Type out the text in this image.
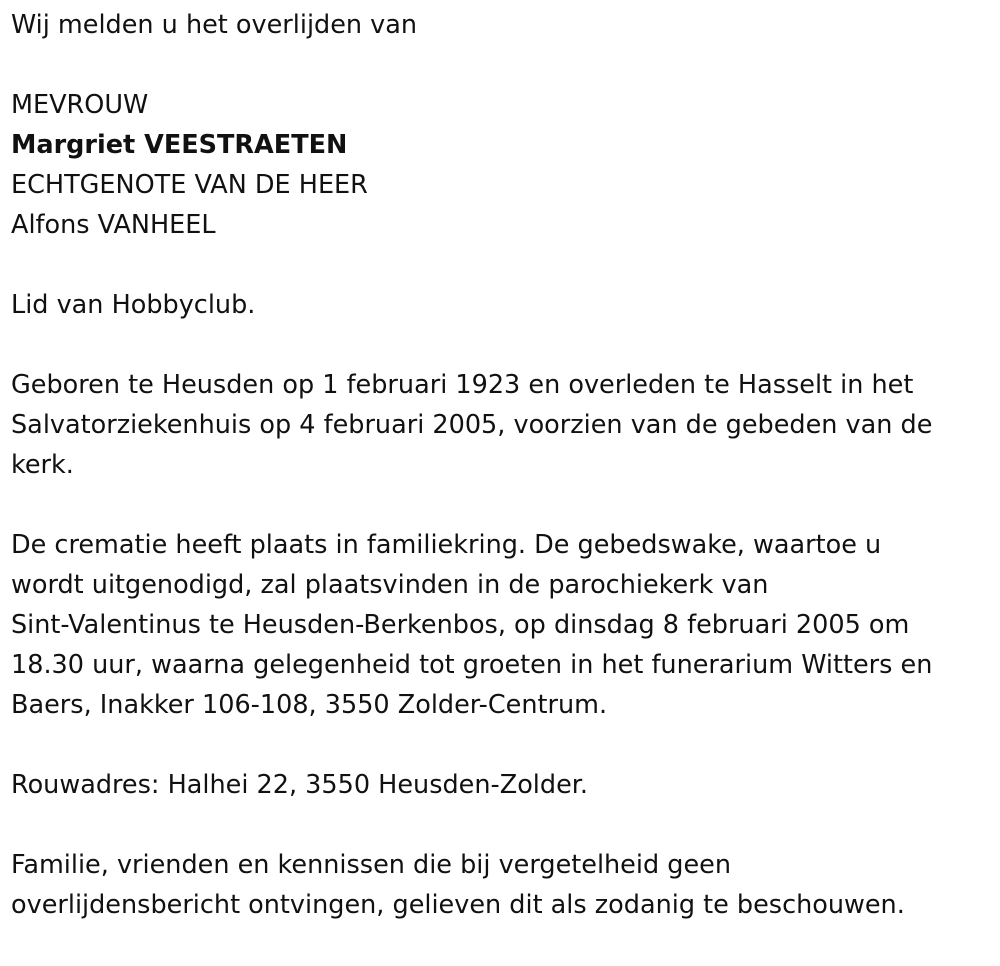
Wij melden u het overlijden van
MEVROUW
Margriet VEESTRAETEN
ECHTGENOTE VAN DE HEER
Alfons VANHEEL
Lid van Hobbyclub.
Geboren te Heusden op 1 februari 1923 en overleden te Hasselt in het
Salvatorziekenhuis op 4 februari 2005, voorzien van de gebeden van de
kerk.
De crematie heeft plaats in familiekring. De gebedswake, waartoe u
wordt uitgenodigd, zal plaatsvinden in de parochiekerk van
Sint-Valentinus te Heusden-Berkenbos, op dinsdag 8 februari 2005 om
18.30 uur, waarna gelegenheid tot groeten in het funerarium Witters en
Baers, Inakker 106-108, 3550 Zolder-Centrum.
Rouwadres: Halhei 22, 3550 Heusden-Zolder.
Familie, vrienden en kennissen die bij vergetelheid geen
overlijdensbericht ontvingen, gelieven dit als zodanig te beschouwen.
